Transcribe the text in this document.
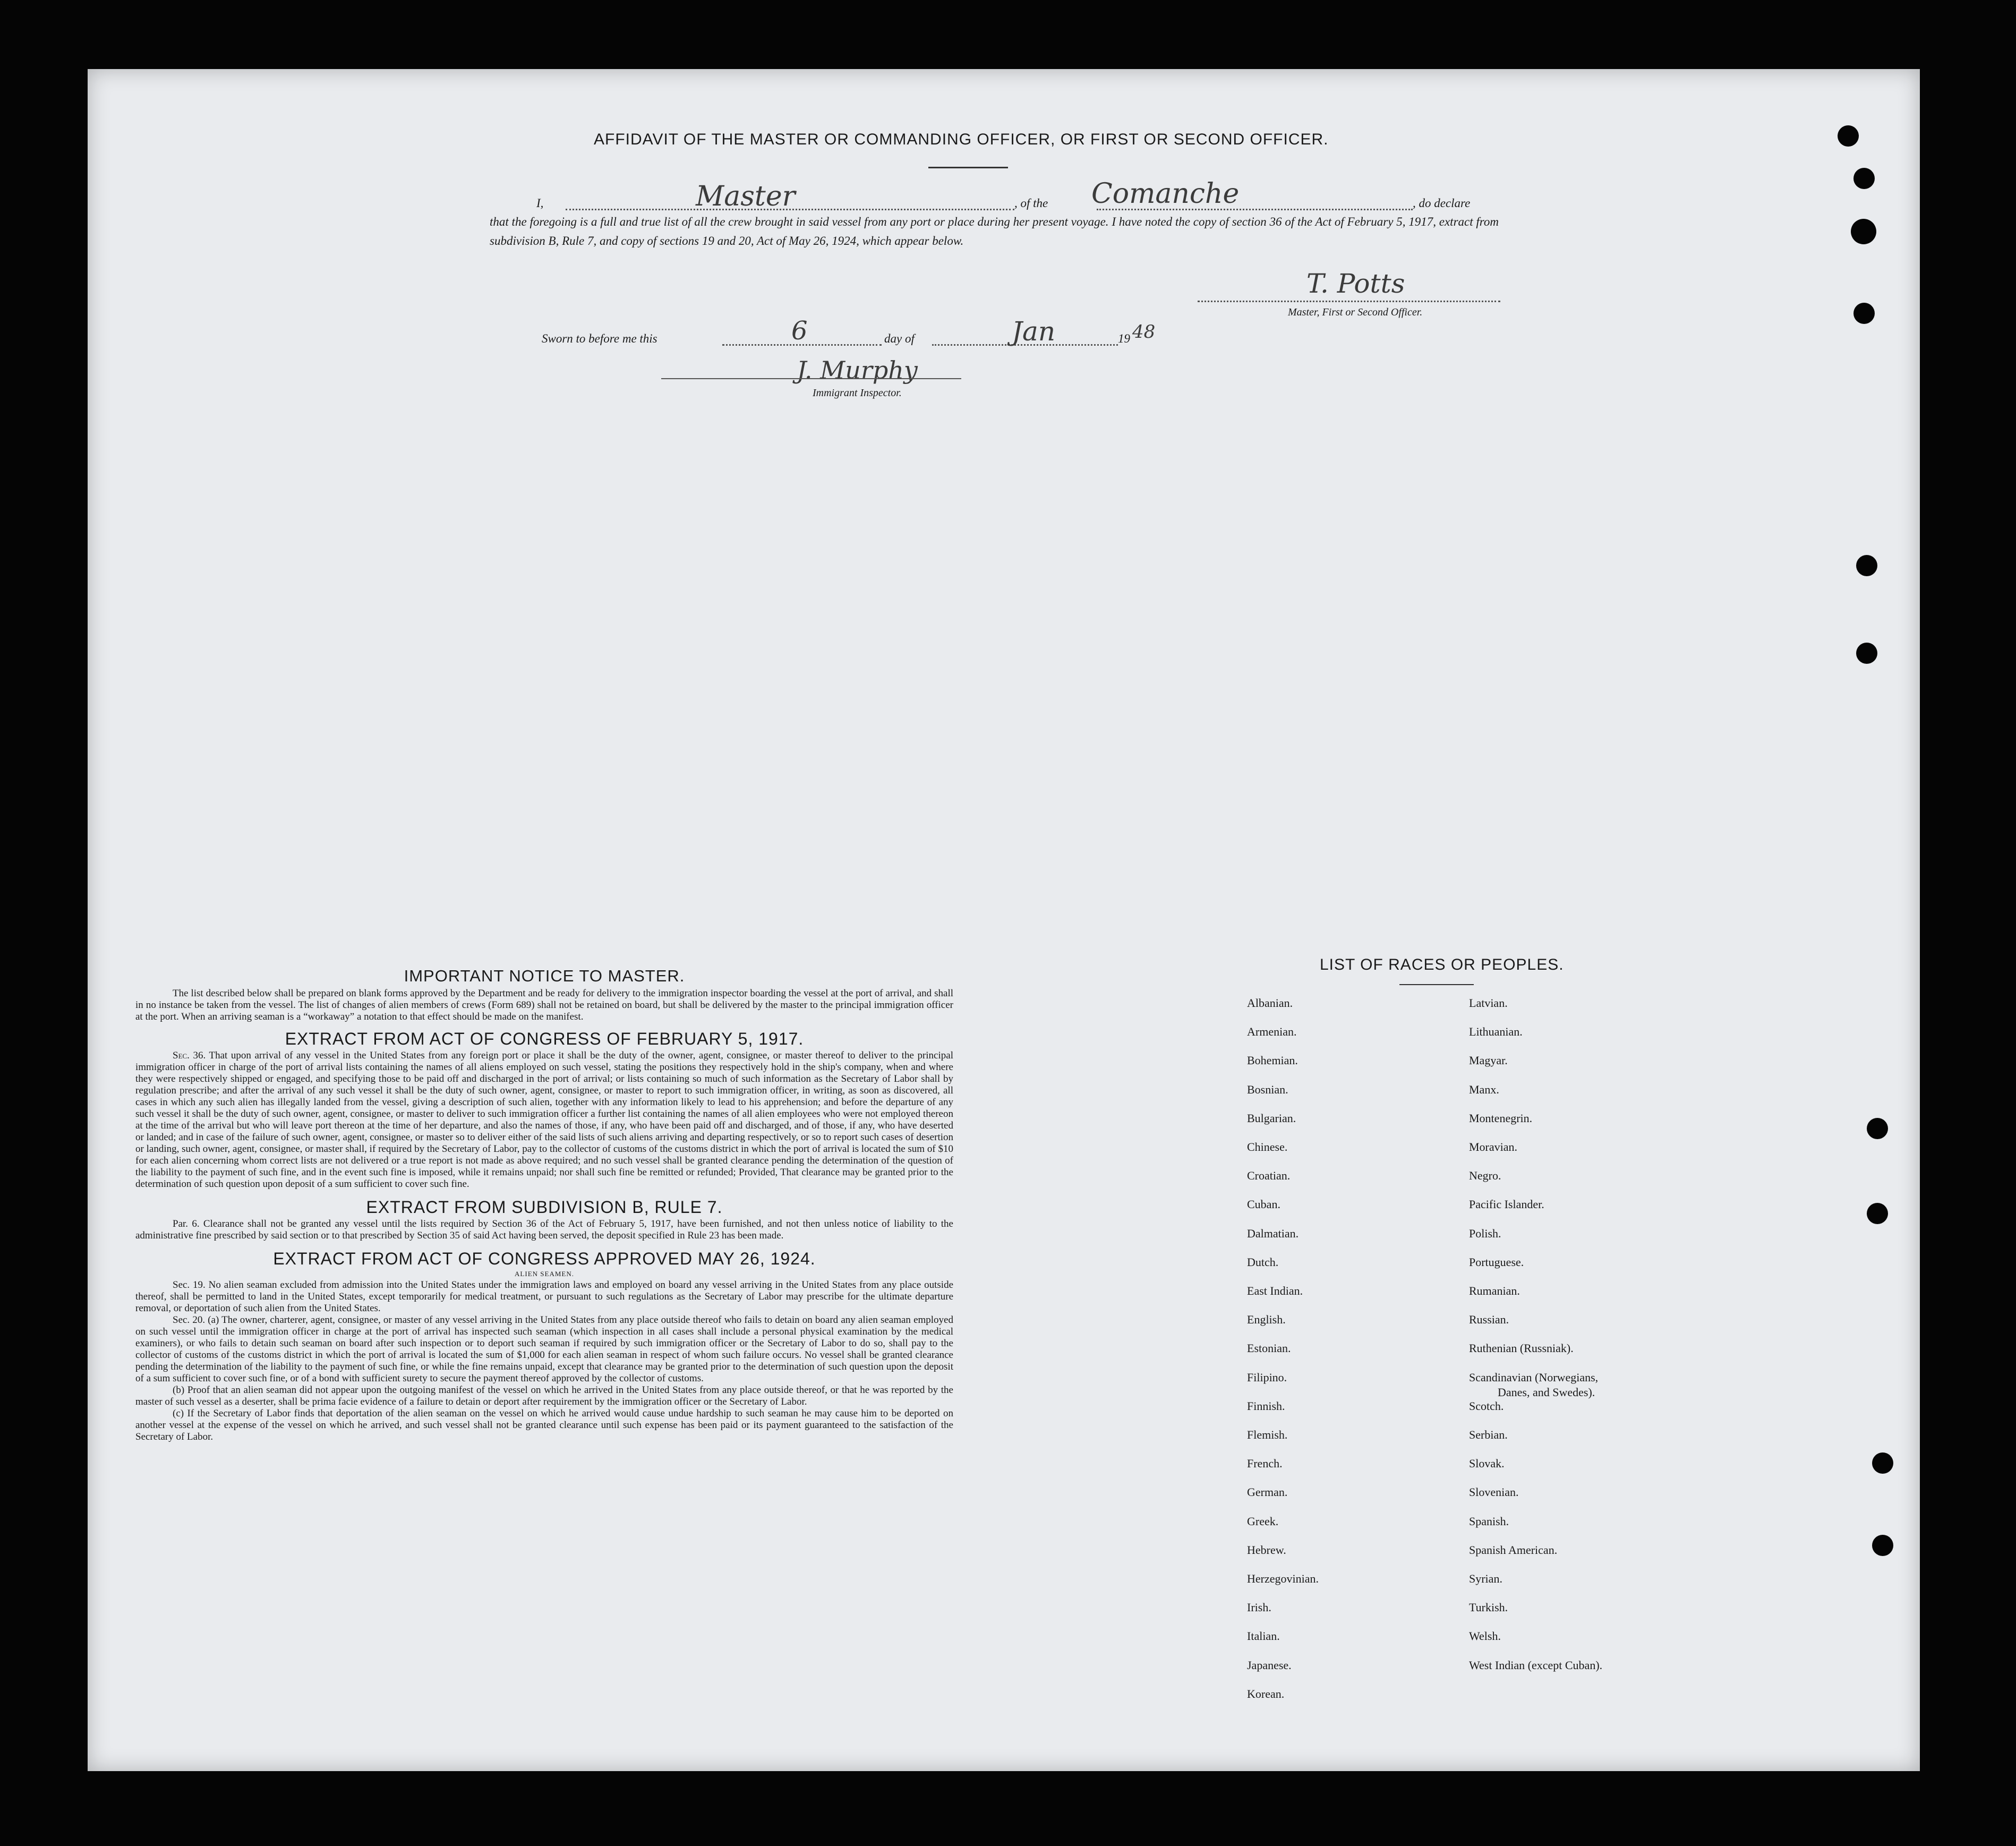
AFFIDAVIT OF THE MASTER OR COMMANDING OFFICER, OR FIRST OR SECOND OFFICER.
I,	Master	, of the Comanche	, do declare
that the foregoing is a full and true list of all the crew brought in said vessel from any port or place during her present voyage. I have noted the copy of section 36 of the Act of February 5, 1917, extract from subdivision B, Rule 7, and copy of sections 19 and 20, Act of May 26, 1924, which appear below.
T. Potts
Master, First or Second Officer.
Sworn to before me this	6	day of	Jan	19 48
J. Murphy
Immigrant Inspector.
IMPORTANT NOTICE TO MASTER.

The list described below shall be prepared on blank forms approved by the Department and be ready for delivery to the immigration inspector boarding the vessel at the port of arrival, and shall in no instance be taken from the vessel. The list of changes of alien members of crews (Form 689) shall not be retained on board, but shall be delivered by the master to the principal immigration officer at the port. When an arriving seaman is a “workaway” a notation to that effect should be made on the manifest.

EXTRACT FROM ACT OF CONGRESS OF FEBRUARY 5, 1917.

Sec. 36. That upon arrival of any vessel in the United States from any foreign port or place it shall be the duty of the owner, agent, consignee, or master thereof to deliver to the principal immigration officer in charge of the port of arrival lists containing the names of all aliens employed on such vessel, stating the positions they respectively hold in the ship's company, when and where they were respectively shipped or engaged, and specifying those to be paid off and discharged in the port of arrival; or lists containing so much of such information as the Secretary of Labor shall by regulation prescribe; and after the arrival of any such vessel it shall be the duty of such owner, agent, consignee, or master to report to such immigration officer, in writing, as soon as discovered, all cases in which any such alien has illegally landed from the vessel, giving a description of such alien, together with any information likely to lead to his apprehension; and before the departure of any such vessel it shall be the duty of such owner, agent, consignee, or master to deliver to such immigration officer a further list containing the names of all alien employees who were not employed thereon at the time of the arrival but who will leave port thereon at the time of her departure, and also the names of those, if any, who have been paid off and discharged, and of those, if any, who have deserted or landed; and in case of the failure of such owner, agent, consignee, or master so to deliver either of the said lists of such aliens arriving and departing respectively, or so to report such cases of desertion or landing, such owner, agent, consignee, or master shall, if required by the Secretary of Labor, pay to the collector of customs of the customs district in which the port of arrival is located the sum of $10 for each alien concerning whom correct lists are not delivered or a true report is not made as above required; and no such vessel shall be granted clearance pending the determination of the question of the liability to the payment of such fine, and in the event such fine is imposed, while it remains unpaid; nor shall such fine be remitted or refunded; Provided, That clearance may be granted prior to the determination of such question upon deposit of a sum sufficient to cover such fine.

EXTRACT FROM SUBDIVISION B, RULE 7.

Par. 6. Clearance shall not be granted any vessel until the lists required by Section 36 of the Act of February 5, 1917, have been furnished, and not then unless notice of liability to the administrative fine prescribed by said section or to that prescribed by Section 35 of said Act having been served, the deposit specified in Rule 23 has been made.

EXTRACT FROM ACT OF CONGRESS APPROVED MAY 26, 1924.
ALIEN SEAMEN.

Sec. 19. No alien seaman excluded from admission into the United States under the immigration laws and employed on board any vessel arriving in the United States from any place outside thereof, shall be permitted to land in the United States, except temporarily for medical treatment, or pursuant to such regulations as the Secretary of Labor may prescribe for the ultimate departure removal, or deportation of such alien from the United States.

Sec. 20. (a) The owner, charterer, agent, consignee, or master of any vessel arriving in the United States from any place outside thereof who fails to detain on board any alien seaman employed on such vessel until the immigration officer in charge at the port of arrival has inspected such seaman (which inspection in all cases shall include a personal physical examination by the medical examiners), or who fails to detain such seaman on board after such inspection or to deport such seaman if required by such immigration officer or the Secretary of Labor to do so, shall pay to the collector of customs of the customs district in which the port of arrival is located the sum of $1,000 for each alien seaman in respect of whom such failure occurs. No vessel shall be granted clearance pending the determination of the liability to the payment of such fine, or while the fine remains unpaid, except that clearance may be granted prior to the determination of such question upon the deposit of a sum sufficient to cover such fine, or of a bond with sufficient surety to secure the payment thereof approved by the collector of customs.

(b) Proof that an alien seaman did not appear upon the outgoing manifest of the vessel on which he arrived in the United States from any place outside thereof, or that he was reported by the master of such vessel as a deserter, shall be prima facie evidence of a failure to detain or deport after requirement by the immigration officer or the Secretary of Labor.

(c) If the Secretary of Labor finds that deportation of the alien seaman on the vessel on which he arrived would cause undue hardship to such seaman he may cause him to be deported on another vessel at the expense of the vessel on which he arrived, and such vessel shall not be granted clearance until such expense has been paid or its payment guaranteed to the satisfaction of the Secretary of Labor.

LIST OF RACES OR PEOPLES.
Albanian.
Armenian.
Bohemian.
Bosnian.
Bulgarian.
Chinese.
Croatian.
Cuban.
Dalmatian.
Dutch.
East Indian.
English.
Estonian.
Filipino.
Finnish.
Flemish.
French.
German.
Greek.
Hebrew.
Herzegovinian.
Irish.
Italian.
Japanese.
Korean.
Latvian.
Lithuanian.
Magyar.
Manx.
Montenegrin.
Moravian.
Negro.
Pacific Islander.
Polish.
Portuguese.
Rumanian.
Russian.
Ruthenian (Russniak).
Scandinavian (Norwegians,
Danes, and Swedes).
Scotch.
Serbian.
Slovak.
Slovenian.
Spanish.
Spanish American.
Syrian.
Turkish.
Welsh.
West Indian (except Cuban).
